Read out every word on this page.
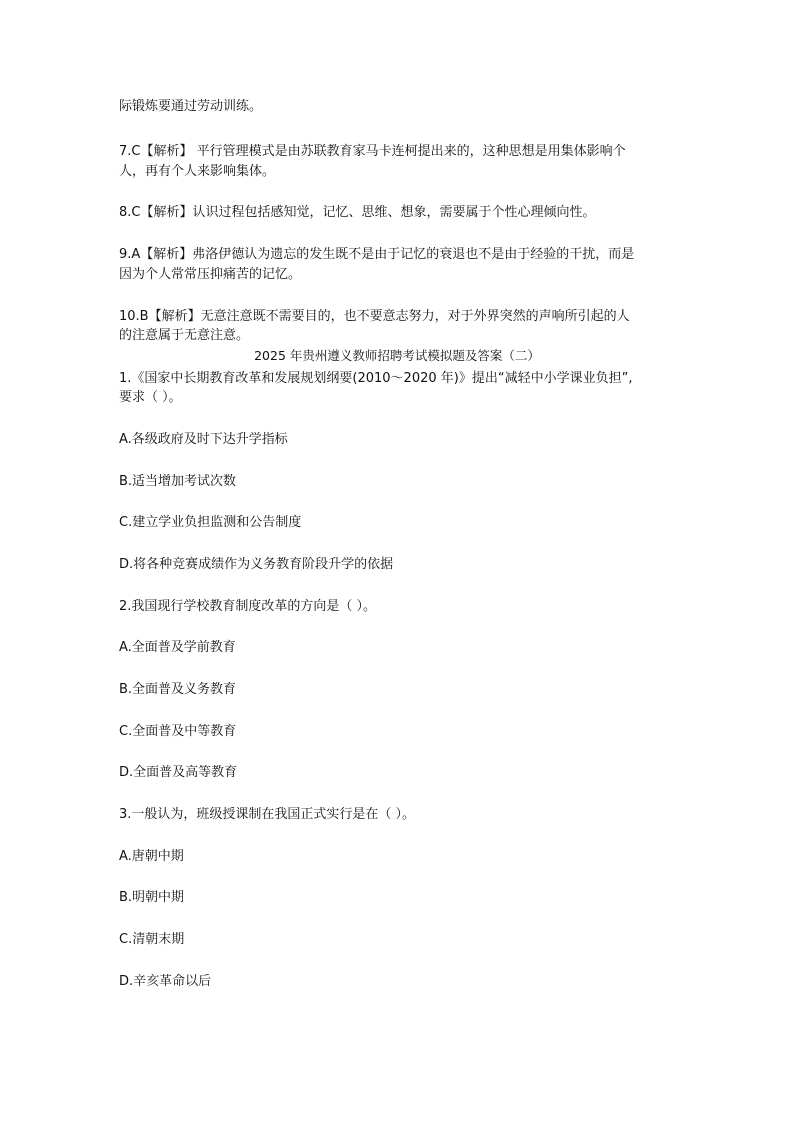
际锻炼要通过劳动训练。
7.C【解析】 平行管理模式是由苏联教育家马卡连柯提出来的，这种思想是用集体影响个
人，再有个人来影响集体。
8.C【解析】认识过程包括感知觉，记忆、思维、想象，需要属于个性心理倾向性。
9.A【解析】弗洛伊德认为遗忘的发生既不是由于记忆的衰退也不是由于经验的干扰，而是
因为个人常常压抑痛苦的记忆。
10.B【解析】无意注意既不需要目的，也不要意志努力，对于外界突然的声响所引起的人
的注意属于无意注意。
2025 年贵州遵义教师招聘考试模拟题及答案（二）
1.《国家中长期教育改革和发展规划纲要(2010～2020 年)》提出“减轻中小学课业负担”,
要求（ ）。
A.各级政府及时下达升学指标
B.适当增加考试次数
C.建立学业负担监测和公告制度
D.将各种竞赛成绩作为义务教育阶段升学的依据
2.我国现行学校教育制度改革的方向是（ ）。
A.全面普及学前教育
B.全面普及义务教育
C.全面普及中等教育
D.全面普及高等教育
3.一般认为，班级授课制在我国正式实行是在（ ）。
A.唐朝中期
B.明朝中期
C.清朝末期
D.辛亥革命以后
